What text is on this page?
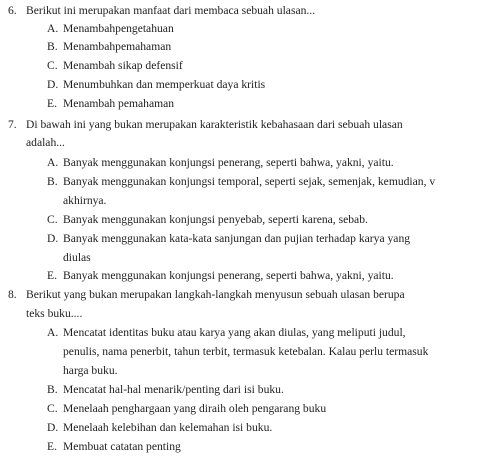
6. Berikut ini merupakan manfaat dari membaca sebuah ulasan...
A. Menambahpengetahuan
B. Menambahpemahaman
C. Menambah sikap defensif
D. Menumbuhkan dan memperkuat daya kritis
E. Menambah pemahaman
7. Di bawah ini yang bukan merupakan karakteristik kebahasaan dari sebuah ulasan
adalah...
A. Banyak menggunakan konjungsi penerang, seperti bahwa, yakni, yaitu.
B. Banyak menggunakan konjungsi temporal, seperti sejak, semenjak, kemudian, v
akhirnya.
C. Banyak menggunakan konjungsi penyebab, seperti karena, sebab.
D. Banyak menggunakan kata-kata sanjungan dan pujian terhadap karya yang
diulas
E. Banyak menggunakan konjungsi penerang, seperti bahwa, yakni, yaitu.
8. Berikut yang bukan merupakan langkah-langkah menyusun sebuah ulasan berupa
teks buku....
A. Mencatat identitas buku atau karya yang akan diulas, yang meliputi judul,
penulis, nama penerbit, tahun terbit, termasuk ketebalan. Kalau perlu termasuk
harga buku.
B. Mencatat hal-hal menarik/penting dari isi buku.
C. Menelaah penghargaan yang diraih oleh pengarang buku
D. Menelaah kelebihan dan kelemahan isi buku.
E. Membuat catatan penting
